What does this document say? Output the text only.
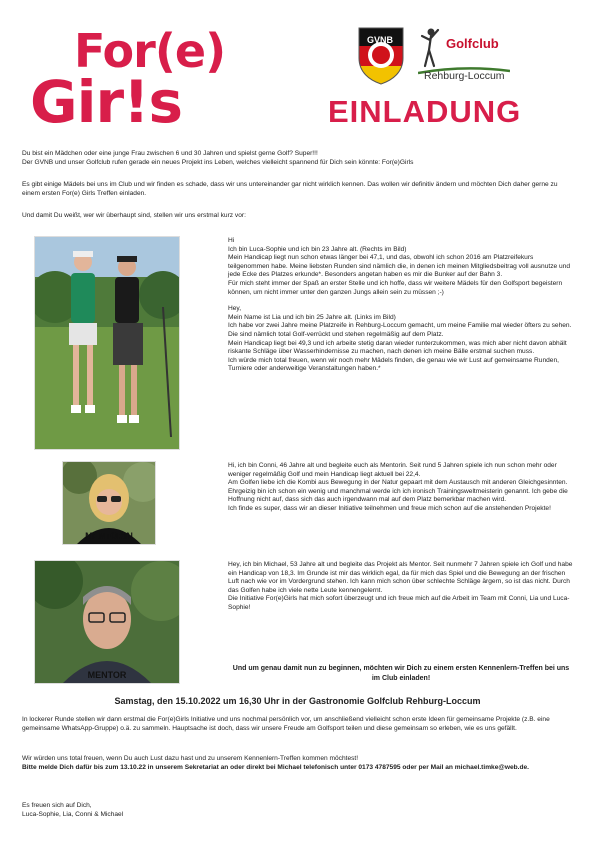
For(e)
Gir!s
GVNB	Golfclub
Rehburg-Loccum
EINLADUNG

Du bist ein Mädchen oder eine junge Frau zwischen 6 und 30 Jahren und spielst gerne Golf? Super!!!

Der GVNB und unser Golfclub rufen gerade ein neues Projekt ins Leben, welches vielleicht spannend für Dich sein könnte: For(e)Girls

Es gibt einige Mädels bei uns im Club und wir finden es schade, dass wir uns untereinander gar nicht wirklich kennen. Das wollen wir definitiv ändern und möchten Dich daher gerne zu einem ersten For(e) Girls Treffen einladen.

Und damit Du weißt, wer wir überhaupt sind, stellen wir uns erstmal kurz vor:

Hi

Ich bin Luca-Sophie und ich bin 23 Jahre alt. (Rechts im Bild)

Mein Handicap liegt nun schon etwas länger bei 47,1, und das, obwohl ich schon 2016 am Platzreifekurs teilgenommen habe. Meine liebsten Runden sind nämlich die, in denen ich meinen Mitgliedsbeitrag voll ausnutze und jede Ecke des Platzes erkunde*. Besonders angetan haben es mir die Bunker auf der Bahn 3.

Für mich steht immer der Spaß an erster Stelle und ich hoffe, dass wir weitere Mädels für den Golfsport begeistern können, um nicht immer unter den ganzen Jungs allein sein zu müssen ;-)

Hey,

Mein Name ist Lia und ich bin 25 Jahre alt. (Links im Bild)

Ich habe vor zwei Jahre meine Platzreife in Rehburg-Loccum gemacht, um meine Familie mal wieder öfters zu sehen. Die sind nämlich total Golf-verrückt und stehen regelmäßig auf dem Platz.

Mein Handicap liegt bei 49,3 und ich arbeite stetig daran wieder runterzukommen, was mich aber nicht davon abhält riskante Schläge über Wasserhindernisse zu machen, nach denen ich meine Bälle erstmal suchen muss.

Ich würde mich total freuen, wenn wir noch mehr Mädels finden, die genau wie wir Lust auf gemeinsame Runden, Turniere oder anderweitige Veranstaltungen haben.*

MENTORIN

Hi, ich bin Conni, 46 Jahre alt und begleite euch als Mentorin. Seit rund 5 Jahren spiele ich nun schon mehr oder weniger regelmäßig Golf und mein Handicap liegt aktuell bei 22,4.

Am Golfen liebe ich die Kombi aus Bewegung in der Natur gepaart mit dem Austausch mit anderen Gleichgesinnten. Ehrgeizig bin ich schon ein wenig und manchmal werde ich ich ironisch Trainingsweltmeisterin genannt. Ich gebe die Hoffnung nicht auf, dass sich das auch irgendwann mal auf dem Platz bemerkbar machen wird.

Ich finde es super, dass wir an dieser Initiative teilnehmen und freue mich schon auf die anstehenden Projekte!

MENTOR

Hey, ich bin Michael, 53 Jahre alt und begleite das Projekt als Mentor. Seit nunmehr 7 Jahren spiele ich Golf und habe ein Handicap von 18,3. Im Grunde ist mir das wirklich egal, da für mich das Spiel und die Bewegung an der frischen Luft nach wie vor im Vordergrund stehen. Ich kann mich schon über schlechte Schläge ärgern, so ist das nicht. Durch das Golfen habe ich viele nette Leute kennengelernt.

Die Initiative For(e)Girls hat mich sofort überzeugt und ich freue mich auf die Arbeit im Team mit Conni, Lia und Luca-Sophie!

Und um genau damit nun zu beginnen, möchten wir Dich zu einem ersten Kennenlern-Treffen bei uns im Club einladen!

Samstag, den 15.10.2022 um 16,30 Uhr in der Gastronomie Golfclub Rehburg-Loccum

In lockerer Runde stellen wir dann erstmal die For(e)Girls Initiative und uns nochmal persönlich vor, um anschließend vielleicht schon erste Ideen für gemeinsame Projekte (z.B. eine gemeinsame WhatsApp-Gruppe) o.ä. zu sammeln. Hauptsache ist doch, dass wir unsere Freude am Golfsport teilen und diese gemeinsam so erleben, wie es uns gefällt.

Wir würden uns total freuen, wenn Du auch Lust dazu hast und zu unserem Kennenlern-Treffen kommen möchtest!

Bitte melde Dich dafür bis zum 13.10.22 in unserem Sekretariat an oder direkt bei Michael telefonisch unter 0173 4787595 oder per Mail an michael.timke@web.de.

Es freuen sich auf Dich,

Luca-Sophie, Lia, Conni & Michael
